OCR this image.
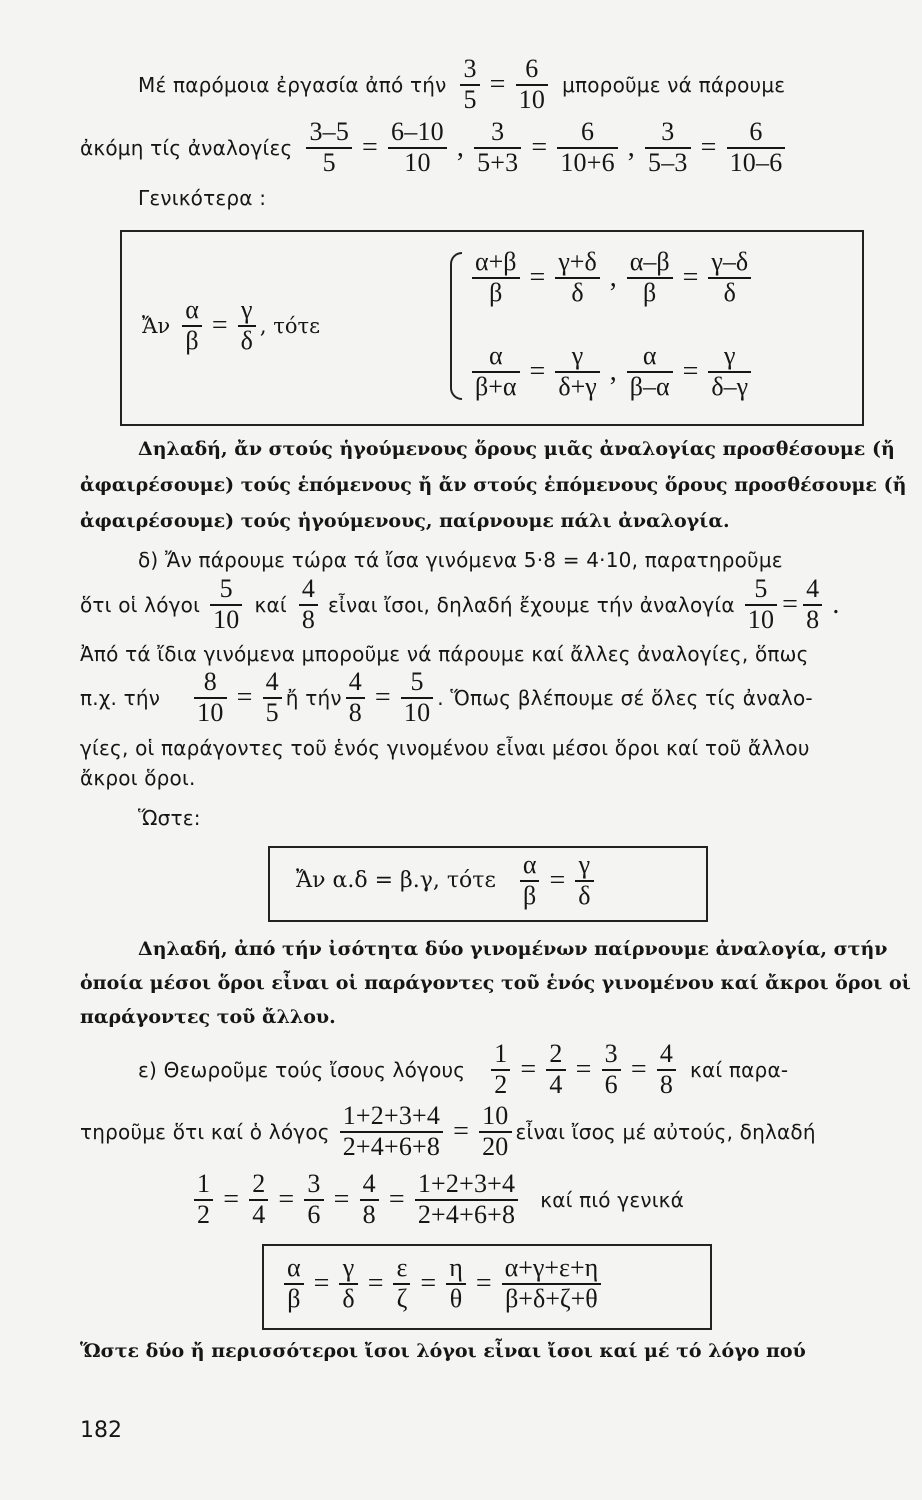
Μέ παρόμοια ἐργασία ἀπό τήν $\frac{3}{5} = \frac{6}{10}$ μποροῦμε νά πάρουμε
ἀκόμη τίς ἀναλογίες $\frac{3-5}{5} = \frac{6-10}{10}$ , $\frac{3}{5+3} = \frac{6}{10+6}$ , $\frac{3}{5-3} = \frac{6}{10-6}$
Γενικότερα :
Ἄν $\frac{\alpha}{\beta} = \frac{\gamma}{\delta}$ , τότε
$\frac{\alpha+\beta}{\beta} = \frac{\gamma+\delta}{\delta}$ , $\frac{\alpha-\beta}{\beta} = \frac{\gamma-\delta}{\delta}$
$\frac{\alpha}{\beta+\alpha} = \frac{\gamma}{\delta+\gamma}$ , $\frac{\alpha}{\beta-\alpha} = \frac{\gamma}{\delta-\gamma}$
Δηλαδή, ἄν στούς ἡγούμενους ὅρους μιᾶς ἀναλογίας προσθέσουμε (ἤ
ἀφαιρέσουμε) τούς ἑπόμενους ἤ ἄν στούς ἑπόμενους ὅρους προσθέσουμε (ἤ
ἀφαιρέσουμε) τούς ἡγούμενους, παίρνουμε πάλι ἀναλογία.
δ) Ἄν πάρουμε τώρα τά ἴσα γινόμενα 5·8 = 4·10, παρατηροῦμε
ὅτι οἱ λόγοι $\frac{5}{10}$ καί $\frac{4}{8}$ εἶναι ἴσοι, δηλαδή ἔχουμε τήν ἀναλογία $\frac{5}{10} = \frac{4}{8}$ .
Ἀπό τά ἴδια γινόμενα μποροῦμε νά πάρουμε καί ἄλλες ἀναλογίες, ὅπως
π.χ. τήν $\frac{8}{10} = \frac{4}{5}$ ἤ τήν $\frac{4}{8} = \frac{5}{10}$ . Ὅπως βλέπουμε σέ ὅλες τίς ἀναλο-
γίες, οἱ παράγοντες τοῦ ἑνός γινομένου εἶναι μέσοι ὅροι καί τοῦ ἄλλου
ἄκροι ὅροι.
Ὥστε:
Ἄν α.δ = β.γ, τότε $\frac{\alpha}{\beta} = \frac{\gamma}{\delta}$
Δηλαδή, ἀπό τήν ἰσότητα δύο γινομένων παίρνουμε ἀναλογία, στήν
ὁποία μέσοι ὅροι εἶναι οἱ παράγοντες τοῦ ἑνός γινομένου καί ἄκροι ὅροι οἱ
παράγοντες τοῦ ἄλλου.
ε) Θεωροῦμε τούς ἴσους λόγους $\frac{1}{2} = \frac{2}{4} = \frac{3}{6} = \frac{4}{8}$ καί παρα-
τηροῦμε ὅτι καί ὁ λόγος $\frac{1+2+3+4}{2+4+6+8} = \frac{10}{20}$ εἶναι ἴσος μέ αὐτούς, δηλαδή
$\frac{1}{2} = \frac{2}{4} = \frac{3}{6} = \frac{4}{8} = \frac{1+2+3+4}{2+4+6+8}$ καί πιό γενικά
$\frac{\alpha}{\beta} = \frac{\gamma}{\delta} = \frac{\varepsilon}{\zeta} = \frac{\eta}{\theta} = \frac{\alpha+\gamma+\varepsilon+\eta}{\beta+\delta+\zeta+\theta}$
Ὥστε δύο ἤ περισσότεροι ἴσοι λόγοι εἶναι ἴσοι καί μέ τό λόγο πού
182
